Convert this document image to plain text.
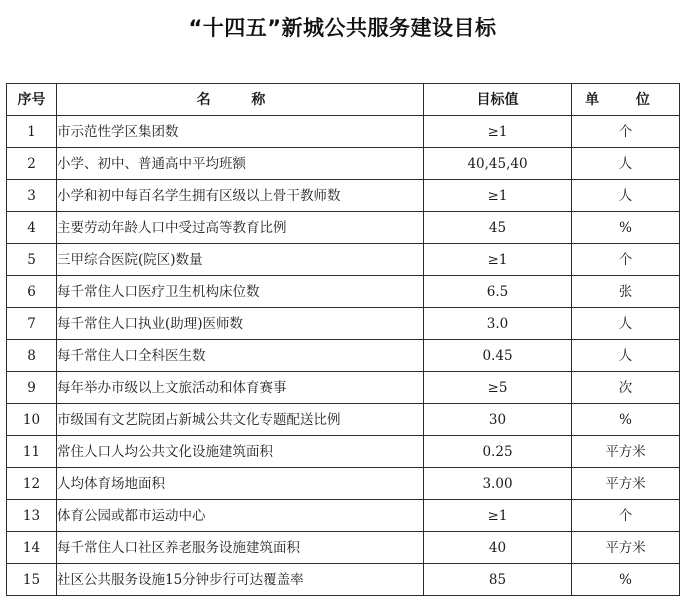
“十四五”新城公共服务建设目标
序号	名 称	目标值	单 位
1	市示范性学区集团数	≥1	个
2	小学、初中、普通高中平均班额	40,45,40	人
3	小学和初中每百名学生拥有区级以上骨干教师数	≥1	人
4	主要劳动年龄人口中受过高等教育比例	45	%
5	三甲综合医院(院区)数量	≥1	个
6	每千常住人口医疗卫生机构床位数	6.5	张
7	每千常住人口执业(助理)医师数	3.0	人
8	每千常住人口全科医生数	0.45	人
9	每年举办市级以上文旅活动和体育赛事	≥5	次
10	市级国有文艺院团占新城公共文化专题配送比例	30	%
11	常住人口人均公共文化设施建筑面积	0.25	平方米
12	人均体育场地面积	3.00	平方米
13	体育公园或都市运动中心	≥1	个
14	每千常住人口社区养老服务设施建筑面积	40	平方米
15	社区公共服务设施15分钟步行可达覆盖率	85	%
